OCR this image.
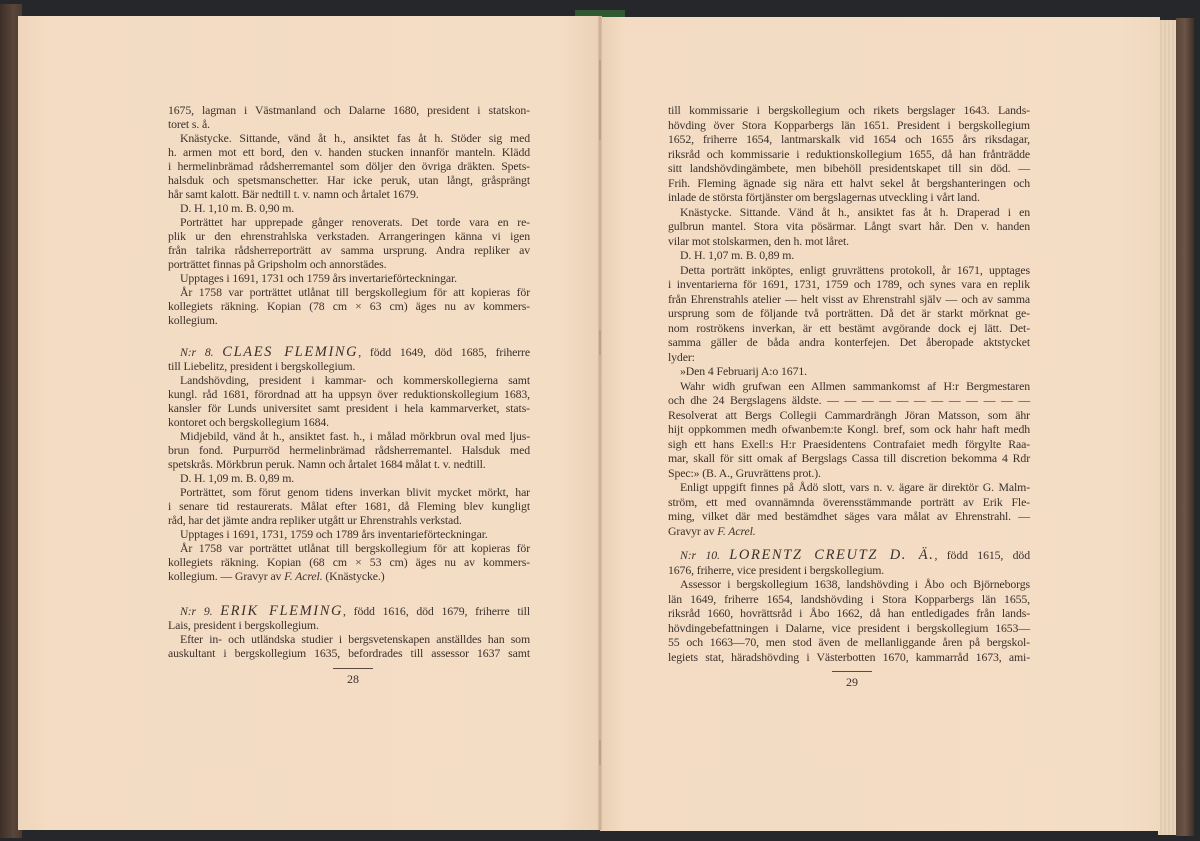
28
1675, lagman i Västmanland och Dalarne 1680, president i statskon-
toret s. å.
Knästycke. Sittande, vänd åt h., ansiktet fas åt h. Stöder sig med
h. armen mot ett bord, den v. handen stucken innanför manteln. Klädd
i hermelinbrämad rådsherremantel som döljer den övriga dräkten. Spets-
halsduk och spetsmanschetter. Har icke peruk, utan långt, gråsprängt
hår samt kalott. Bär nedtill t. v. namn och årtalet 1679.
D. H. 1,10 m. B. 0,90 m.
Porträttet har upprepade gånger renoverats. Det torde vara en re-
plik ur den ehrenstrahlska verkstaden. Arrangeringen känna vi igen
från talrika rådsherreporträtt av samma ursprung. Andra repliker av
porträttet finnas på Gripsholm och annorstädes.
Upptages i 1691, 1731 och 1759 års invertarieförteckningar.
År 1758 var porträttet utlånat till bergskollegium för att kopieras för
kollegiets räkning. Kopian (78 cm × 63 cm) äges nu av kommers-
kollegium.
N:r 8. CLAES FLEMING, född 1649, död 1685, friherre
till Liebelitz, president i bergskollegium.
Landshövding, president i kammar- och kommerskollegierna samt
kungl. råd 1681, förordnad att ha uppsyn över reduktionskollegium 1683,
kansler för Lunds universitet samt president i hela kammarverket, stats-
kontoret och bergskollegium 1684.
Midjebild, vänd åt h., ansiktet fast. h., i målad mörkbrun oval med ljus-
brun fond. Purpurröd hermelinbrämad rådsherremantel. Halsduk med
spetskrås. Mörkbrun peruk. Namn och årtalet 1684 målat t. v. nedtill.
D. H. 1,09 m. B. 0,89 m.
Porträttet, som förut genom tidens inverkan blivit mycket mörkt, har
i senare tid restaurerats. Målat efter 1681, då Fleming blev kungligt
råd, har det jämte andra repliker utgått ur Ehrenstrahls verkstad.
Upptages i 1691, 1731, 1759 och 1789 års inventarieförteckningar.
År 1758 var porträttet utlånat till bergskollegium för att kopieras för
kollegiets räkning. Kopian (68 cm × 53 cm) äges nu av kommers-
kollegium. — Gravyr av F. Acrel. (Knästycke.)
N:r 9. ERIK FLEMING, född 1616, död 1679, friherre till
Lais, president i bergskollegium.
Efter in- och utländska studier i bergsvetenskapen anställdes han som
auskultant i bergskollegium 1635, befordrades till assessor 1637 samt
29
till kommissarie i bergskollegium och rikets bergslager 1643. Lands-
hövding över Stora Kopparbergs län 1651. President i bergskollegium
1652, friherre 1654, lantmarskalk vid 1654 och 1655 års riksdagar,
riksråd och kommissarie i reduktionskollegium 1655, då han frånträdde
sitt landshövdingämbete, men bibehöll presidentskapet till sin död. —
Frih. Fleming ägnade sig nära ett halvt sekel åt bergshanteringen och
inlade de största förtjänster om bergslagernas utveckling i vårt land.
Knästycke. Sittande. Vänd åt h., ansiktet fas åt h. Draperad i en
gulbrun mantel. Stora vita pösärmar. Långt svart hår. Den v. handen
vilar mot stolskarmen, den h. mot låret.
D. H. 1,07 m. B. 0,89 m.
Detta porträtt inköptes, enligt gruvrättens protokoll, år 1671, upptages
i inventarierna för 1691, 1731, 1759 och 1789, och synes vara en replik
från Ehrenstrahls atelier — helt visst av Ehrenstrahl själv — och av samma
ursprung som de följande två porträtten. Då det är starkt mörknat ge-
nom roströkens inverkan, är ett bestämt avgörande dock ej lätt. Det-
samma gäller de båda andra konterfejen. Det åberopade aktstycket
lyder:
»Den 4 Februarij A:o 1671.
Wahr widh grufwan een Allmen sammankomst af H:r Bergmestaren
och dhe 24 Bergslagens äldste. — — — — — — — — — — — —
Resolverat att Bergs Collegii Cammardrängh Jöran Matsson, som ähr
hijt oppkommen medh ofwanbem:te Kongl. bref, som ock hahr haft medh
sigh ett hans Exell:s H:r Praesidentens Contrafaiet medh förgylte Raa-
mar, skall för sitt omak af Bergslags Cassa till discretion bekomma 4 Rdr
Spec:» (B. A., Gruvrättens prot.).
Enligt uppgift finnes på Ådö slott, vars n. v. ägare är direktör G. Malm-
ström, ett med ovannämnda överensstämmande porträtt av Erik Fle-
ming, vilket där med bestämdhet säges vara målat av Ehrenstrahl. —
Gravyr av F. Acrel.
N:r 10. LORENTZ CREUTZ D. Ä., född 1615, död
1676, friherre, vice president i bergskollegium.
Assessor i bergskollegium 1638, landshövding i Åbo och Björneborgs
län 1649, friherre 1654, landshövding i Stora Kopparbergs län 1655,
riksråd 1660, hovrättsråd i Åbo 1662, då han entledigades från lands-
hövdingebefattningen i Dalarne, vice president i bergskollegium 1653—
55 och 1663—70, men stod även de mellanliggande åren på bergskol-
legiets stat, häradshövding i Västerbotten 1670, kammarråd 1673, ami-
